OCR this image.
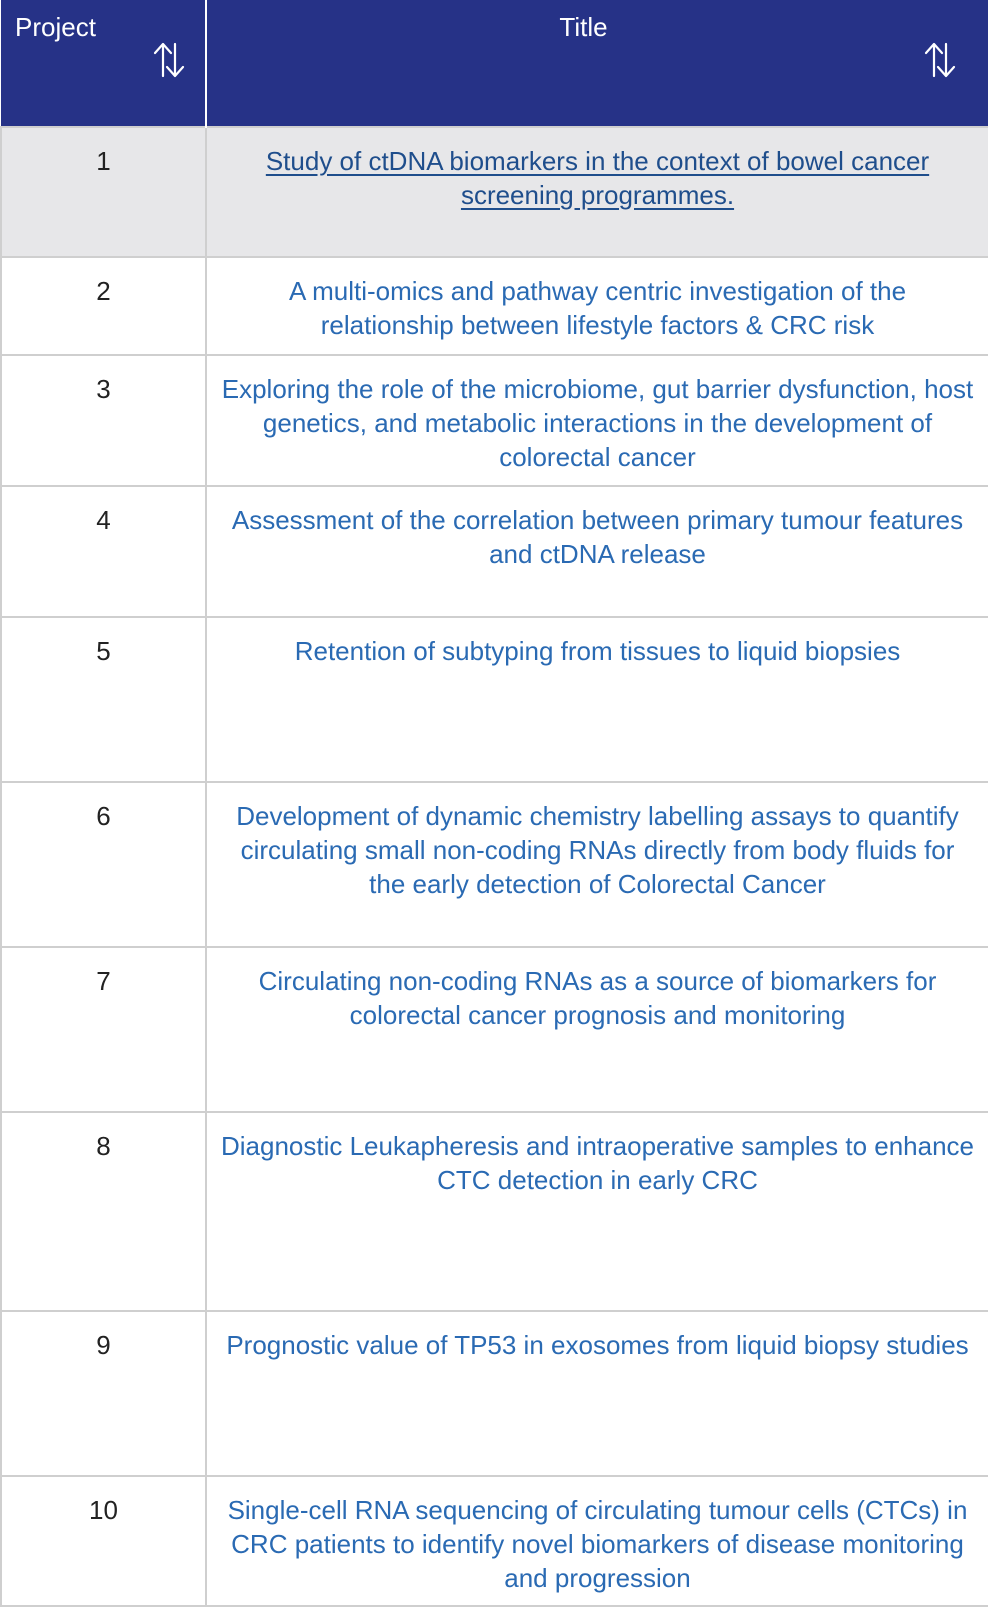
Project	Title

1	Study of ctDNA biomarkers in the context of bowel cancer screening programmes.
2	A multi-omics and pathway centric investigation of the relationship between lifestyle factors & CRC risk
3	Exploring the role of the microbiome, gut barrier dysfunction, host genetics, and metabolic interactions in the development of colorectal cancer
4	Assessment of the correlation between primary tumour features and ctDNA release
5	Retention of subtyping from tissues to liquid biopsies
6	Development of dynamic chemistry labelling assays to quantify circulating small non-coding RNAs directly from body fluids for the early detection of Colorectal Cancer
7	Circulating non-coding RNAs as a source of biomarkers for colorectal cancer prognosis and monitoring
8	Diagnostic Leukapheresis and intraoperative samples to enhance CTC detection in early CRC
9	Prognostic value of TP53 in exosomes from liquid biopsy studies
10	Single-cell RNA sequencing of circulating tumour cells (CTCs) in CRC patients to identify novel biomarkers of disease monitoring and progression
